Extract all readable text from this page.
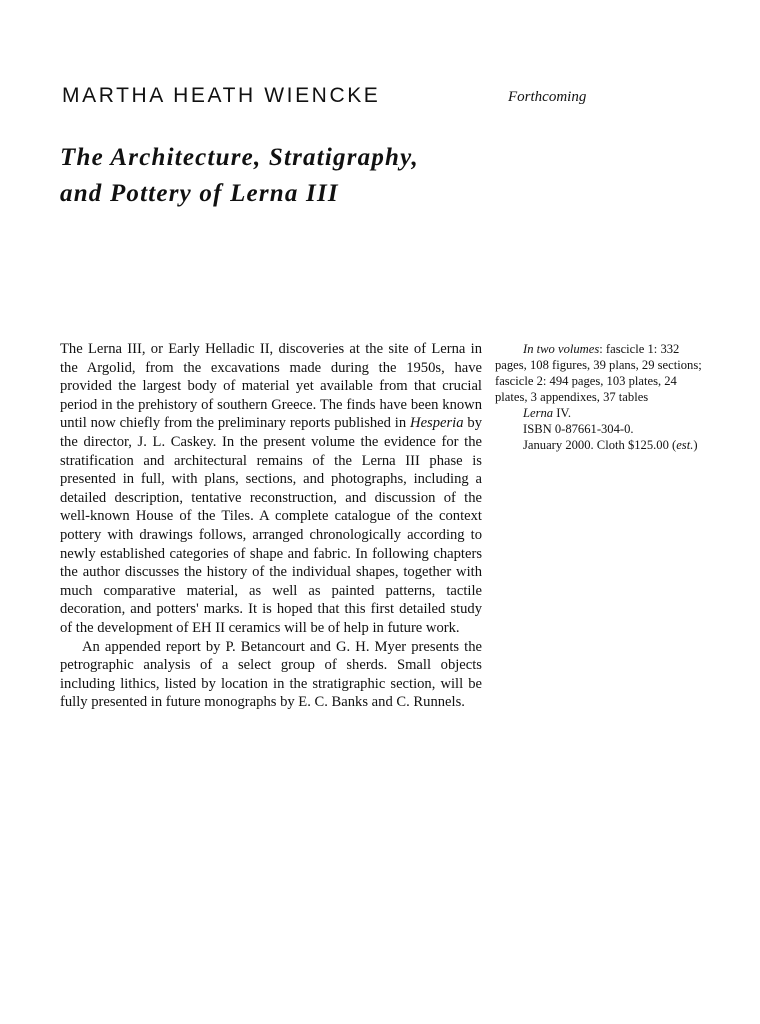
MARTHA HEATH WIENCKE	Forthcoming
The Architecture, Stratigraphy,
and Pottery of Lerna III

The Lerna III, or Early Helladic II, discoveries at the site of Lerna in the Argolid, from the excavations made during the 1950s, have provided the largest body of material yet available from that crucial period in the prehistory of southern Greece. The finds have been known until now chiefly from the preliminary reports published in Hesperia by the director, J. L. Caskey. In the present volume the evidence for the stratification and architectural remains of the Lerna III phase is presented in full, with plans, sections, and photographs, including a detailed description, tentative reconstruction, and discussion of the well-known House of the Tiles. A complete catalogue of the context pottery with drawings follows, arranged chronologically according to newly established categories of shape and fabric. In following chapters the author discusses the history of the individual shapes, together with much comparative material, as well as painted patterns, tactile decoration, and potters' marks. It is hoped that this first detailed study of the development of EH II ceramics will be of help in future work.

An appended report by P. Betancourt and G. H. Myer presents the petrographic analysis of a select group of sherds. Small objects including lithics, listed by location in the stratigraphic section, will be fully presented in future monographs by E. C. Banks and C. Runnels.

In two volumes: fascicle 1: 332 pages, 108 figures, 39 plans, 29 sections; fascicle 2: 494 pages, 103 plates, 24 plates, 3 appendixes, 37 tables

Lerna IV.

ISBN 0-87661-304-0.

January 2000. Cloth $125.00 (est.)
